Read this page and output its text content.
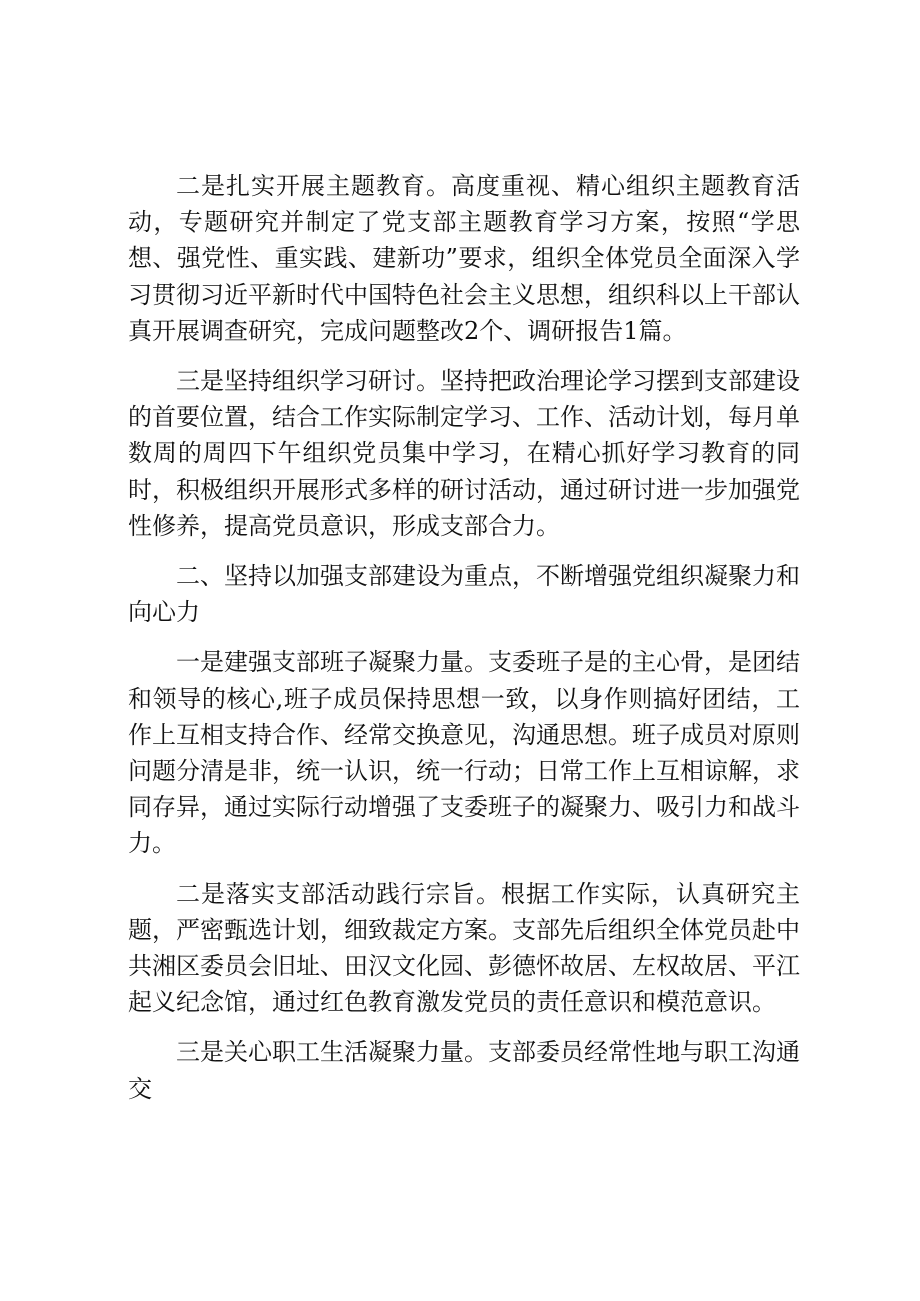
二是扎实开展主题教育。高度重视、精心组织主题教育活动，专题研究并制定了党支部主题教育学习方案，按照“学思想、强党性、重实践、建新功”要求，组织全体党员全面深入学习贯彻习近平新时代中国特色社会主义思想，组织科以上干部认真开展调查研究，完成问题整改2个、调研报告1篇。

三是坚持组织学习研讨。坚持把政治理论学习摆到支部建设的首要位置，结合工作实际制定学习、工作、活动计划，每月单数周的周四下午组织党员集中学习，在精心抓好学习教育的同时，积极组织开展形式多样的研讨活动，通过研讨进一步加强党性修养，提高党员意识，形成支部合力。

二、坚持以加强支部建设为重点，不断增强党组织凝聚力和向心力

一是建强支部班子凝聚力量。支委班子是的主心骨，是团结和领导的核心,班子成员保持思想一致，以身作则搞好团结，工作上互相支持合作、经常交换意见，沟通思想。班子成员对原则问题分清是非，统一认识，统一行动；日常工作上互相谅解，求同存异，通过实际行动增强了支委班子的凝聚力、吸引力和战斗力。

二是落实支部活动践行宗旨。根据工作实际，认真研究主题，严密甄选计划，细致裁定方案。支部先后组织全体党员赴中共湘区委员会旧址、田汉文化园、彭德怀故居、左权故居、平江起义纪念馆，通过红色教育激发党员的责任意识和模范意识。

三是关心职工生活凝聚力量。支部委员经常性地与职工沟通交
